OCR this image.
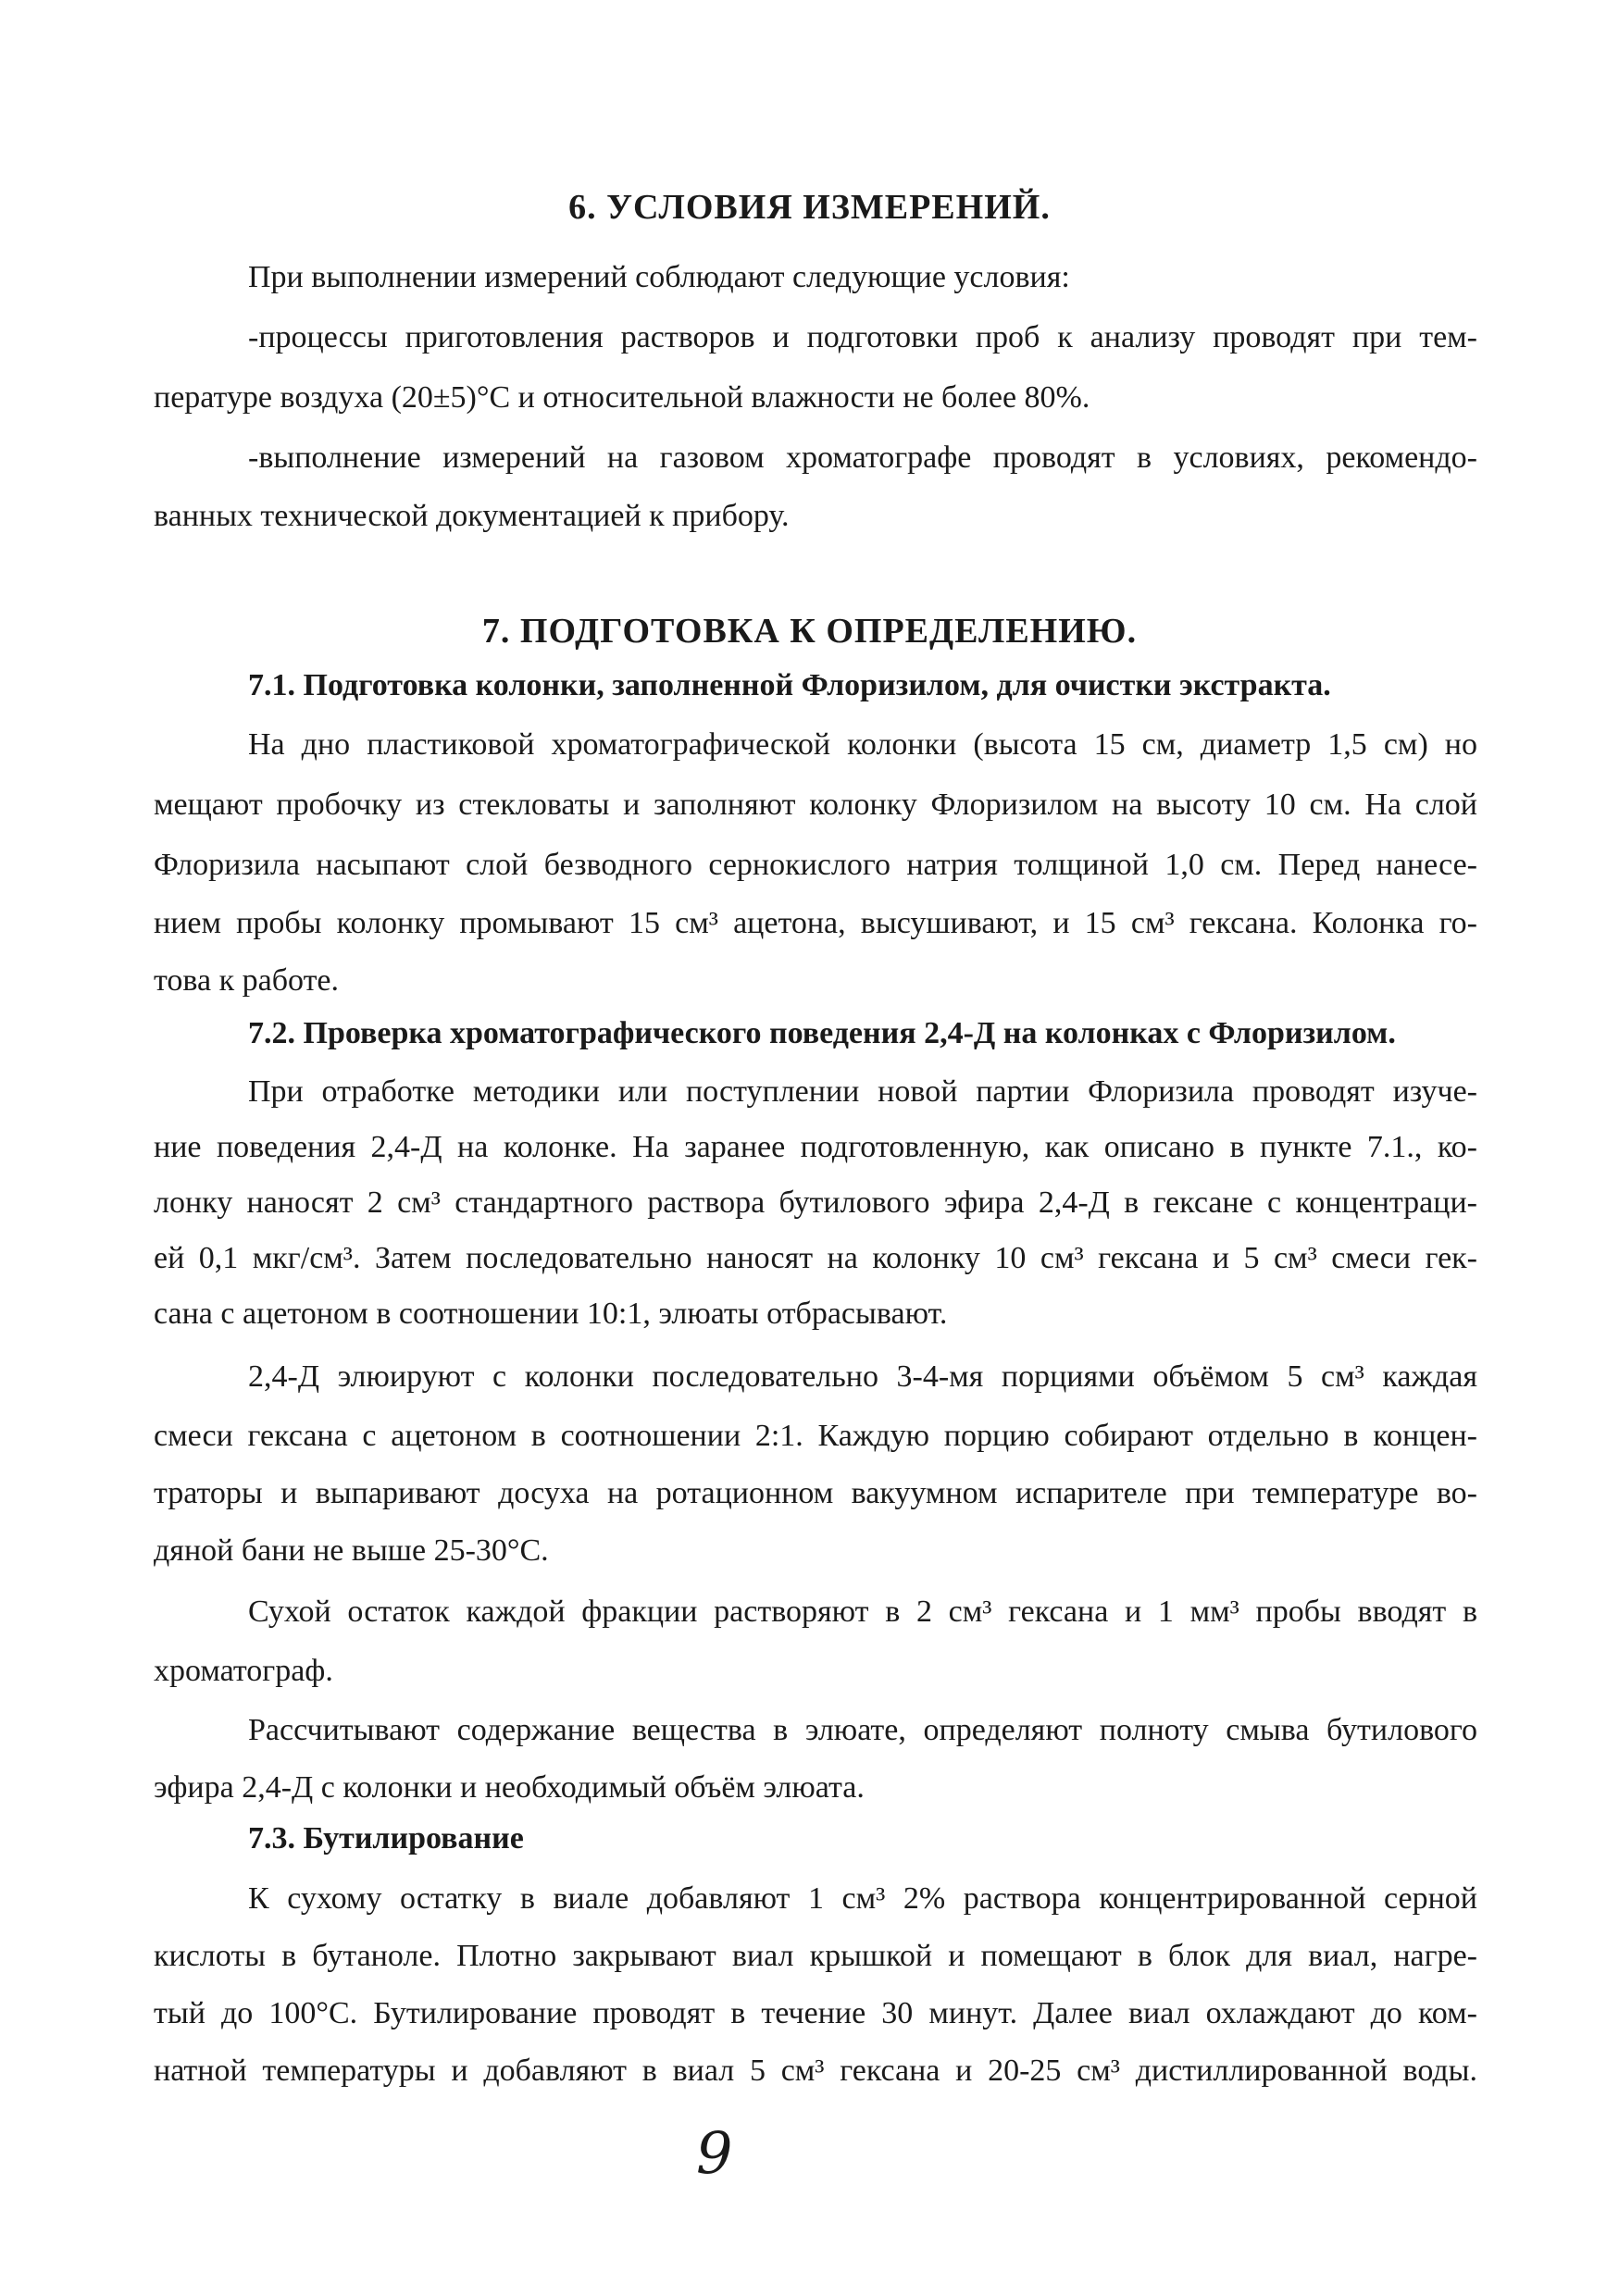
6. УСЛОВИЯ ИЗМЕРЕНИЙ.
При выполнении измерений соблюдают следующие условия:
-процессы приготовления растворов и подготовки проб к анализу проводят при тем-
пературе воздуха (20±5)°С и относительной влажности не более 80%.
-выполнение измерений на газовом хроматографе проводят в условиях, рекомендо-
ванных технической документацией к прибору.
7. ПОДГОТОВКА К ОПРЕДЕЛЕНИЮ.
7.1. Подготовка колонки, заполненной Флоризилом, для очистки экстракта.
На дно пластиковой хроматографической колонки (высота 15 см, диаметр 1,5 см) но
мещают пробочку из стекловаты и заполняют колонку Флоризилом на высоту 10 см. На слой
Флоризила насыпают слой безводного сернокислого натрия толщиной 1,0 см. Перед нанесе-
нием пробы колонку промывают 15 см³ ацетона, высушивают, и 15 см³ гексана. Колонка го-
това к работе.
7.2. Проверка хроматографического поведения 2,4-Д на колонках с Флоризилом.
При отработке методики или поступлении новой партии Флоризила проводят изуче-
ние поведения 2,4-Д на колонке. На заранее подготовленную, как описано в пункте 7.1., ко-
лонку наносят 2 см³ стандартного раствора бутилового эфира 2,4-Д в гексане с концентраци-
ей 0,1 мкг/см³. Затем последовательно наносят на колонку 10 см³ гексана и 5 см³ смеси гек-
сана с ацетоном в соотношении 10:1, элюаты отбрасывают.
2,4-Д элюируют с колонки последовательно 3-4-мя порциями объёмом 5 см³ каждая
смеси гексана с ацетоном в соотношении 2:1. Каждую порцию собирают отдельно в концен-
траторы и выпаривают досуха на ротационном вакуумном испарителе при температуре во-
дяной бани не выше 25-30°С.
Сухой остаток каждой фракции растворяют в 2 см³ гексана и 1 мм³ пробы вводят в
хроматограф.
Рассчитывают содержание вещества в элюате, определяют полноту смыва бутилового
эфира 2,4-Д с колонки и необходимый объём элюата.
7.3. Бутилирование
К сухому остатку в виале добавляют 1 см³ 2% раствора концентрированной серной
кислоты в бутаноле. Плотно закрывают виал крышкой и помещают в блок для виал, нагре-
тый до 100°С. Бутилирование проводят в течение 30 минут. Далее виал охлаждают до ком-
натной температуры и добавляют в виал 5 см³ гексана и 20-25 см³ дистиллированной воды.
9
